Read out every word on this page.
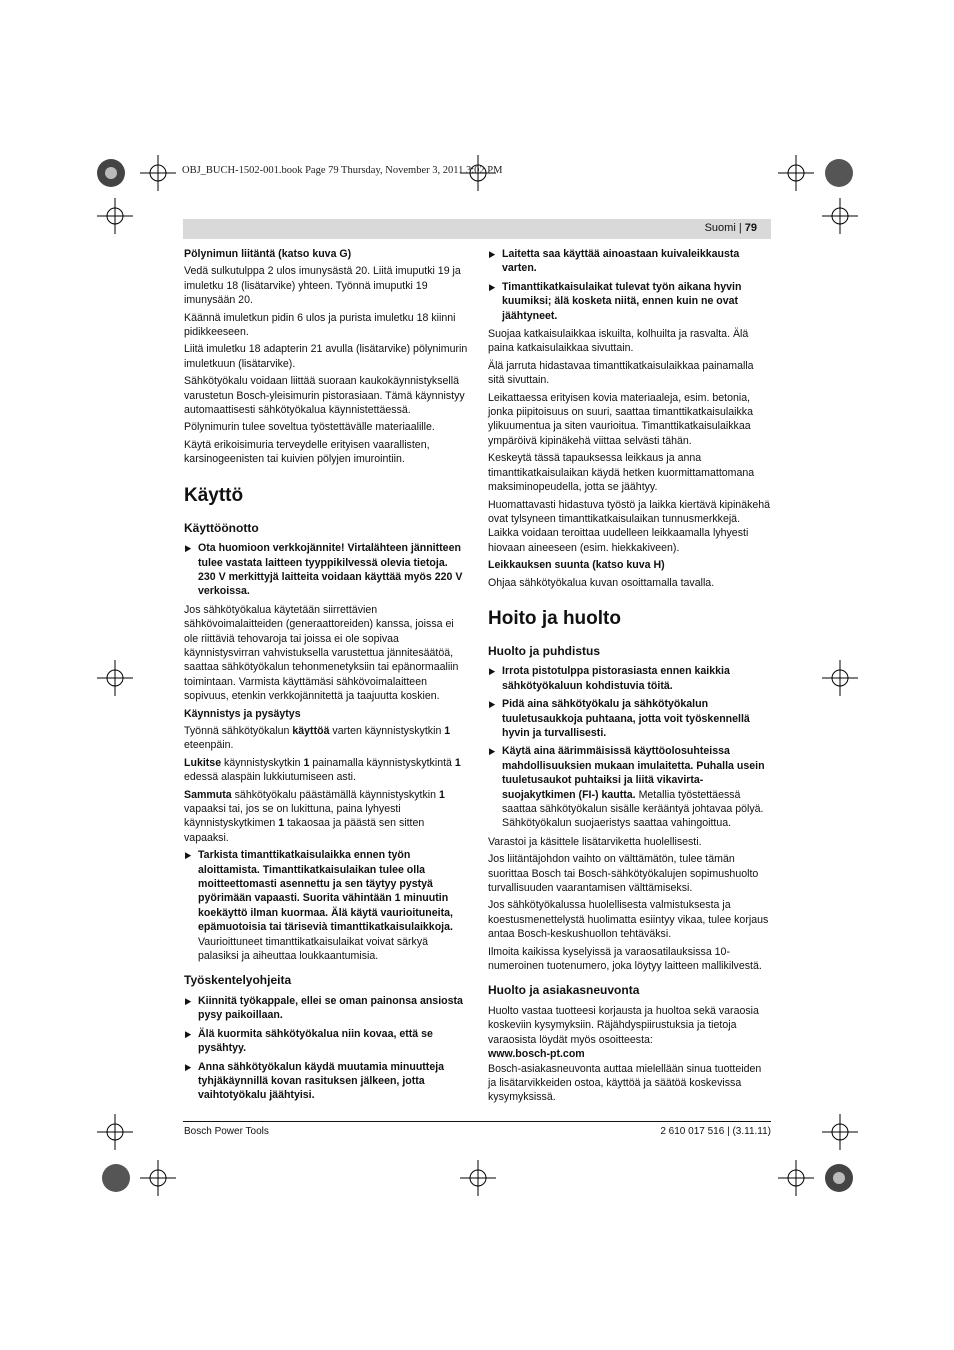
OBJ_BUCH-1502-001.book Page 79 Thursday, November 3, 2011 3:02 PM
Suomi | 79

Pölynimun liitäntä (katso kuva G)

Vedä sulkutulppa 2 ulos imunysästä 20. Liitä imuputki 19 ja imuletku 18 (lisätarvike) yhteen. Työnnä imuputki 19 imunysään 20.

Käännä imuletkun pidin 6 ulos ja purista imuletku 18 kiinni pidikkeeseen.

Liitä imuletku 18 adapterin 21 avulla (lisätarvike) pölynimurin imuletkuun (lisätarvike).

Sähkötyökalu voidaan liittää suoraan kaukokäynnistyksellä varustetun Bosch-yleisimurin pistorasiaan. Tämä käynnistyy automaattisesti sähkötyökalua käynnistettäessä.

Pölynimurin tulee soveltua työstettävälle materiaalille.

Käytä erikoisimuria terveydelle erityisen vaarallisten, karsinogeenisten tai kuivien pölyjen imurointiin.

Käyttö
Käyttöönotto
▶ Ota huomioon verkkojännite! Virtalähteen jännitteen tulee vastata laitteen tyyppikilvessä olevia tietoja. 230 V merkittyjä laitteita voidaan käyttää myös 220 V verkoissa.

Jos sähkötyökalua käytetään siirrettävien sähkövoimalaitteiden (generaattoreiden) kanssa, joissa ei ole riittäviä tehovaroja tai joissa ei ole sopivaa käynnistysvirran vahvistuksella varustettua jännitesäätöä, saattaa sähkötyökalun tehonmenetyksiin tai epänormaaliin toimintaan. Varmista käyttämäsi sähkövoimalaitteen sopivuus, etenkin verkkojännitettä ja taajuutta koskien.

Käynnistys ja pysäytys

Työnnä sähkötyökalun käyttöä varten käynnistyskytkin 1 eteenpäin.

Lukitse käynnistyskytkin 1 painamalla käynnistyskytkintä 1 edessä alaspäin lukkiutumiseen asti.

Sammuta sähkötyökalu päästämällä käynnistyskytkin 1 vapaaksi tai, jos se on lukittuna, paina lyhyesti käynnistyskytkimen 1 takaosaa ja päästä sen sitten vapaaksi.

▶ Tarkista timanttikatkaisulaikka ennen työn aloittamista. Timanttikatkaisulaikan tulee olla moitteettomasti asennettu ja sen täytyy pystyä pyörimään vapaasti. Suorita vähintään 1 minuutin koekäyttö ilman kuormaa. Älä käytä vaurioituneita, epämuotoisia tai tärisevià timanttikatkaisulaikkoja. Vaurioittuneet timanttikatkaisulaikat voivat särkyä palasiksi ja aiheuttaa loukkaantumisia.
Työskentelyohjeita
▶ Kiinnitä työkappale, ellei se oman painonsa ansiosta pysy paikoillaan.
▶ Älä kuormita sähkötyökalua niin kovaa, että se pysähtyy.
▶ Anna sähkötyökalun käydä muutamia minuutteja tyhjäkäynnillä kovan rasituksen jälkeen, jotta vaihtotyökalu jäähtyisi.
▶ Laitetta saa käyttää ainoastaan kuivaleikkausta varten.
▶ Timanttikatkaisulaikat tulevat työn aikana hyvin kuumiksi; älä kosketa niitä, ennen kuin ne ovat jäähtyneet.

Suojaa katkaisulaikkaa iskuilta, kolhuilta ja rasvalta. Älä paina katkaisulaikkaa sivuttain.

Älä jarruta hidastavaa timanttikatkaisulaikkaa painamalla sitä sivuttain.

Leikattaessa erityisen kovia materiaaleja, esim. betonia, jonka piipitoisuus on suuri, saattaa timanttikatkaisulaikka ylikuumentua ja siten vaurioitua. Timanttikatkaisulaikkaa ympäröivä kipinäkehä viittaa selvästi tähän.

Keskeytä tässä tapauksessa leikkaus ja anna timanttikatkaisulaikan käydä hetken kuormittamattomana maksiminopeudella, jotta se jäähtyy.

Huomattavasti hidastuva työstö ja laikka kiertävä kipinäkehä ovat tylsyneen timanttikatkaisulaikan tunnusmerkkejä. Laikka voidaan teroittaa uudelleen leikkaamalla lyhyesti hiovaan aineeseen (esim. hiekkakiveen).

Leikkauksen suunta (katso kuva H)

Ohjaa sähkötyökalua kuvan osoittamalla tavalla.

Hoito ja huolto
Huolto ja puhdistus
▶ Irrota pistotulppa pistorasiasta ennen kaikkia sähkötyökaluun kohdistuvia töitä.
▶ Pidä aina sähkötyökalu ja sähkötyökalun tuuletusaukkoja puhtaana, jotta voit työskennellä hyvin ja turvallisesti.
▶ Käytä aina äärimmäisissä käyttöolosuhteissa mahdollisuuksien mukaan imulaitetta. Puhalla usein tuuletusaukot puhtaiksi ja liitä vikavirta-suojakytkimen (FI-) kautta. Metallia työstettäessä saattaa sähkötyökalun sisälle kerääntyä johtavaa pölyä. Sähkötyökalun suojaeristys saattaa vahingoittua.

Varastoi ja käsittele lisätarviketta huolellisesti.

Jos liitäntäjohdon vaihto on välttämätön, tulee tämän suorittaa Bosch tai Bosch-sähkötyökalujen sopimushuolto turvallisuuden vaarantamisen välttämiseksi.

Jos sähkötyökalussa huolellisesta valmistuksesta ja koestusmenettelystä huolimatta esiintyy vikaa, tulee korjaus antaa Bosch-keskushuollon tehtäväksi.

Ilmoita kaikissa kyselyissä ja varaosatilauksissa 10-numeroinen tuotenumero, joka löytyy laitteen mallikilvestä.

Huolto ja asiakasneuvonta

Huolto vastaa tuotteesi korjausta ja huoltoa sekä varaosia koskeviin kysymyksiin. Räjähdyspiirustuksia ja tietoja varaosista löydät myös osoitteesta:

www.bosch-pt.com

Bosch-asiakasneuvonta auttaa mielellään sinua tuotteiden ja lisätarvikkeiden ostoa, käyttöä ja säätöä koskevissa kysymyksissä.

Bosch Power Tools	2 610 017 516 | (3.11.11)
